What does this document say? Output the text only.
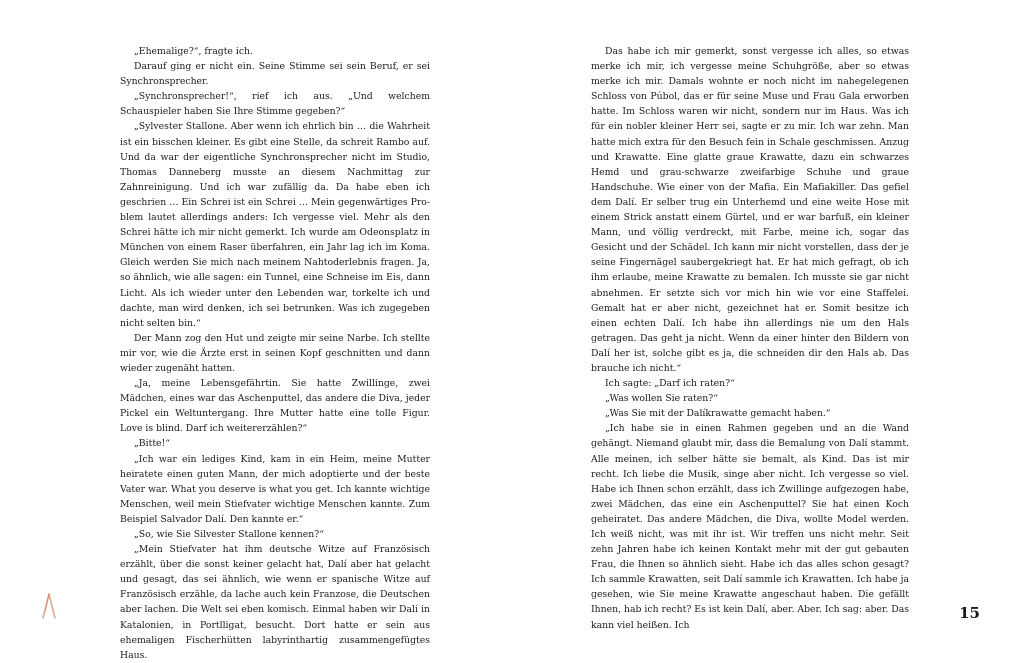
„Ehemalige?“, fragte ich.

Darauf ging er nicht ein. Seine Stimme sei sein Beruf, er sei Synchronsprecher.

„Synchronsprecher!“, rief ich aus. „Und welchem Schauspieler haben Sie Ihre Stimme gegeben?“

„Sylvester Stallone. Aber wenn ich ehrlich bin … die Wahrheit ist ein bisschen kleiner. Es gibt eine Stelle, da schreit Rambo auf. Und da war der eigentliche Synchronsprecher nicht im Studio, Thomas Danneberg musste an diesem Nachmittag zur Zahnreinigung. Und ich war zufällig da. Da habe eben ich geschrien … Ein Schrei ist ein Schrei … Mein gegenwärtiges Problem lautet allerdings anders: Ich vergesse viel. Mehr als den Schrei hätte ich mir nicht gemerkt. Ich wurde am Odeonsplatz in München von einem Raser überfahren, ein Jahr lag ich im Koma. Gleich werden Sie mich nach meinem Nahtoderlebnis fragen. Ja, so ähnlich, wie alle sagen: ein Tunnel, eine Schneise im Eis, dann Licht. Als ich wieder unter den Lebenden war, torkelte ich und dachte, man wird denken, ich sei betrunken. Was ich zugegeben nicht selten bin.“

Der Mann zog den Hut und zeigte mir seine Narbe. Ich stellte mir vor, wie die Ärzte erst in seinen Kopf geschnitten und dann wieder zugenäht hatten.

„Ja, meine Lebensgefährtin. Sie hatte Zwillinge, zwei Mädchen, eines war das Aschenputtel, das andere die Diva, jeder Pickel ein Weltuntergang. Ihre Mutter hatte eine tolle Figur. Love is blind. Darf ich weitererzählen?“

„Bitte!“

„Ich war ein lediges Kind, kam in ein Heim, meine Mutter heiratete einen guten Mann, der mich adoptierte und der beste Vater war. What you deserve is what you get. Ich kannte wichtige Menschen, weil mein Stiefvater wichtige Menschen kannte. Zum Beispiel Salvador Dalí. Den kannte er.“

„So, wie Sie Silvester Stallone kennen?“

„Mein Stiefvater hat ihm deutsche Witze auf Französisch erzählt, über die sonst keiner gelacht hat, Dalí aber hat gelacht und gesagt, das sei ähnlich, wie wenn er spanische Witze auf Französisch erzähle, da lache auch kein Franzose, die Deutschen aber lachen. Die Welt sei eben komisch. Einmal haben wir Dalí in Katalonien, in Portlligat, besucht. Dort hatte er sein aus ehemaligen Fischerhütten labyrinthartig zusammengefügtes Haus.

Das habe ich mir gemerkt, sonst vergesse ich alles, so etwas merke ich mir, ich vergesse meine Schuhgröße, aber so etwas merke ich mir. Damals wohnte er noch nicht im nahegelegenen Schloss von Púbol, das er für seine Muse und Frau Gala erworben hatte. Im Schloss waren wir nicht, sondern nur im Haus. Was ich für ein nobler kleiner Herr sei, sagte er zu mir. Ich war zehn. Man hatte mich extra für den Besuch fein in Schale geschmissen. Anzug und Krawatte. Eine glatte graue Krawatte, dazu ein schwarzes Hemd und grau-schwarze zweifarbige Schuhe und graue Handschuhe. Wie einer von der Mafia. Ein Mafiakiller. Das gefiel dem Dalí. Er selber trug ein Unterhemd und eine weite Hose mit einem Strick anstatt einem Gürtel, und er war barfuß, ein kleiner Mann, und völlig verdreckt, mit Farbe, meine ich, sogar das Gesicht und der Schädel. Ich kann mir nicht vorstellen, dass der je seine Fingernägel saubergekriegt hat. Er hat mich gefragt, ob ich ihm erlaube, meine Krawatte zu bemalen. Ich musste sie gar nicht abnehmen. Er setzte sich vor mich hin wie vor eine Staffelei. Gemalt hat er aber nicht, gezeichnet hat er. Somit besitze ich einen echten Dalí. Ich habe ihn allerdings nie um den Hals getragen. Das geht ja nicht. Wenn da einer hinter den Bildern von Dalí her ist, solche gibt es ja, die schneiden dir den Hals ab. Das brauche ich nicht.“

Ich sagte: „Darf ich raten?“

„Was wollen Sie raten?“

„Was Sie mit der Dalíkrawatte gemacht haben.“

„Ich habe sie in einen Rahmen gegeben und an die Wand gehängt. Niemand glaubt mir, dass die Bemalung von Dalí stammt. Alle meinen, ich selber hätte sie bemalt, als Kind. Das ist mir recht. Ich liebe die Musik, singe aber nicht. Ich vergesse so viel. Habe ich Ihnen schon erzählt, dass ich Zwillinge aufgezogen habe, zwei Mädchen, das eine ein Aschenputtel? Sie hat einen Koch geheiratet. Das andere Mädchen, die Diva, wollte Model werden. Ich weiß nicht, was mit ihr ist. Wir treffen uns nicht mehr. Seit zehn Jahren habe ich keinen Kontakt mehr mit der gut gebauten Frau, die Ihnen so ähnlich sieht. Habe ich das alles schon gesagt? Ich sammle Krawatten, seit Dalí sammle ich Krawatten. Ich habe ja gesehen, wie Sie meine Krawatte angeschaut haben. Die gefällt Ihnen, hab ich recht? Es ist kein Dalí, aber. Aber. Ich sag: aber. Das kann viel heißen. Ich

15
